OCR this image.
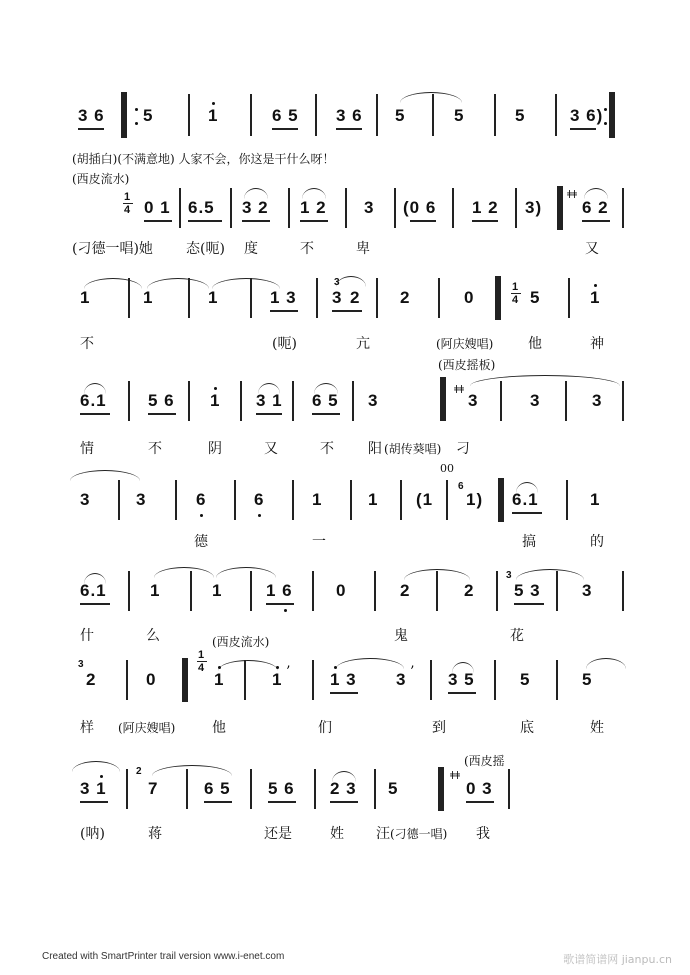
3 6 5	1	6 5 3 6 5	5	5	3 6)
(胡插白)(不满意地) 人家不会，你这是干什么呀！
(西皮流水)
1
4 0 1 6.5 3 2 1 2 3 (0 6 1 2 3)
ǂǂ
6 2
(刁德一唱)她 态(呃) 度	不	卑	又
1	1	1	1 3
3
3 2 2	0
1
4 5	1
不	(呃)	亢	(阿庆嫂唱) 他	神
(西皮摇板)
6.1 5 6 1 3 1 6 5 3
ǂǂ
3	3	3
情	不	阴	又	不 阳 (胡传葵唱) 刁
3	3	6	6	1	1
00
(1
6
1) 6.1	1
德	一	搞	的
6.1	1	1	1 6	0	2	2
3
5 3 3
什	么	鬼	花
(西皮流水)
3
2	0
1
4
1	1 ’ 1 3 3 ’ 3 5	5	5
样 (阿庆嫂唱)	他	们	到	底	姓
3 1
2
7	6 5 5 6 2 3 5
ǂǂ
0 3
(西皮摇
(呐)	蒋	还是	姓 汪 (刁德一唱) 我
Created with SmartPrinter trail version www.i-enet.com	歌谱简谱网 jianpu.cn
